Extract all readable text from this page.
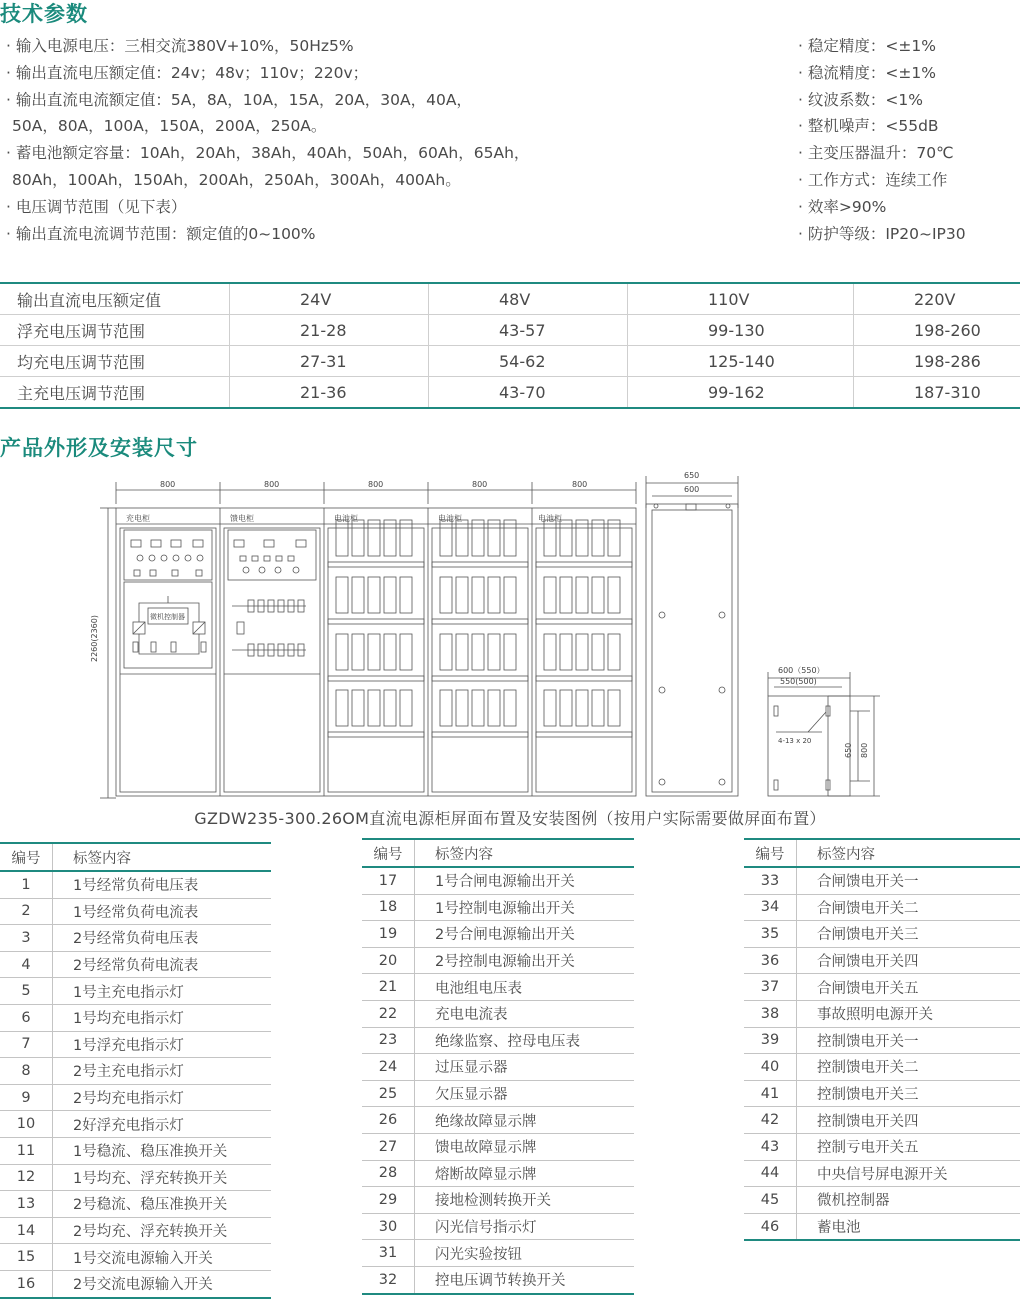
技术参数
· 输入电源电压：三相交流380V+10%，50Hz5%
· 输出直流电压额定值：24v；48v；110v；220v；
· 输出直流电流额定值：5A，8A，10A，15A，20A，30A，40A，
50A，80A，100A，150A，200A，250A。
· 蓄电池额定容量：10Ah，20Ah，38Ah，40Ah，50Ah，60Ah，65Ah，
80Ah，100Ah，150Ah，200Ah，250Ah，300Ah，400Ah。
· 电压调节范围（见下表）
· 输出直流电流调节范围：额定值的0~100%
· 稳定精度：<±1%
· 稳流精度：<±1%
· 纹波系数：<1%
· 整机噪声：<55dB
· 主变压器温升：70℃
· 工作方式：连续工作
· 效率>90%
· 防护等级：IP20~IP30
输出直流电压额定值	24V	48V	110V	220V
浮充电压调节范围	21-28	43-57	99-130	198-260
均充电压调节范围	27-31	54-62	125-140	198-286
主充电压调节范围	21-36	43-70	99-162	187-310
产品外形及安装尺寸
800	800	800	800	800
2260(2360)
充电柜	馈电柜	电池柜	电池柜	电池柜
微机控制器
650
600
600（550）
550(500)
4-13 x 20
650 800
GZDW235-300.26OM直流电源柜屏面布置及安装图例（按用户实际需要做屏面布置）
编号	标签内容
1	1号经常负荷电压表
2	1号经常负荷电流表
3	2号经常负荷电压表
4	2号经常负荷电流表
5	1号主充电指示灯
6	1号均充电指示灯
7	1号浮充电指示灯
8	2号主充电指示灯
9	2号均充电指示灯
10	2好浮充电指示灯
11	1号稳流、稳压准换开关
12	1号均充、浮充转换开关
13	2号稳流、稳压准换开关
14	2号均充、浮充转换开关
15	1号交流电源输入开关
16	2号交流电源输入开关
编号	标签内容
17	1号合闸电源输出开关
18	1号控制电源输出开关
19	2号合闸电源输出开关
20	2号控制电源输出开关
21	电池组电压表
22	充电电流表
23	绝缘监察、控母电压表
24	过压显示器
25	欠压显示器
26	绝缘故障显示牌
27	馈电故障显示牌
28	熔断故障显示牌
29	接地检测转换开关
30	闪光信号指示灯
31	闪光实验按钮
32	控电压调节转换开关
编号	标签内容
33	合闸馈电开关一
34	合闸馈电开关二
35	合闸馈电开关三
36	合闸馈电开关四
37	合闸馈电开关五
38	事故照明电源开关
39	控制馈电开关一
40	控制馈电开关二
41	控制馈电开关三
42	控制馈电开关四
43	控制亏电开关五
44	中央信号屏电源开关
45	微机控制器
46	蓄电池
